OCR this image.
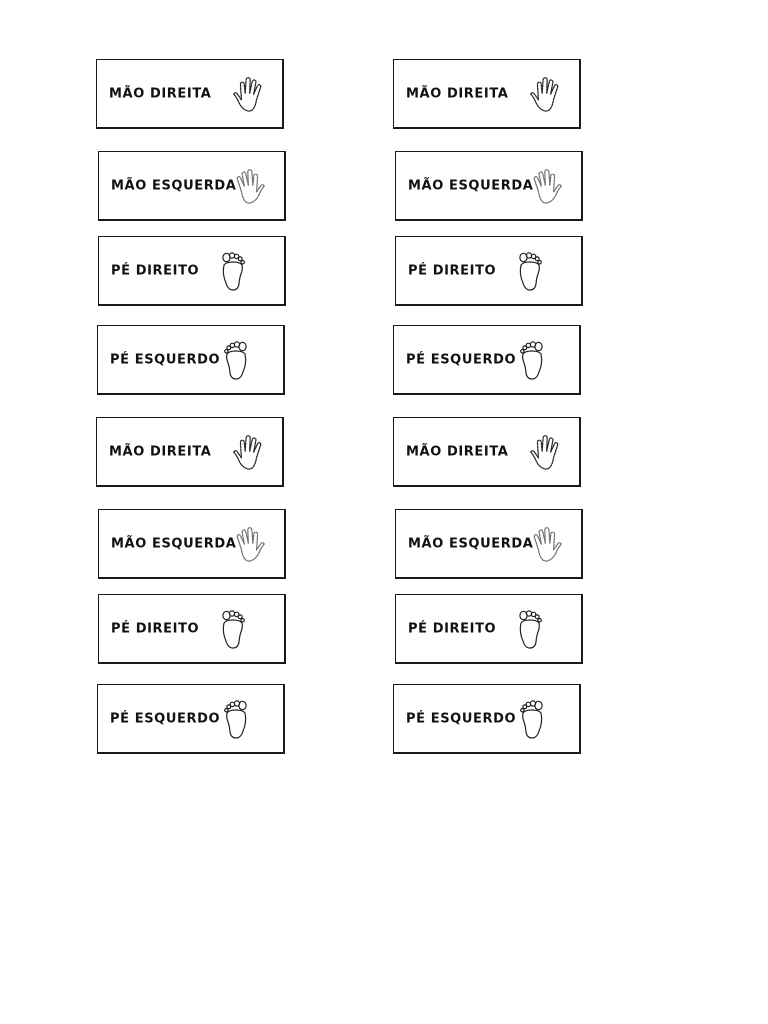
MÃO DIREITA	MÃO DIREITA
MÃO ESQUERDA	MÃO ESQUERDA
PÉ DIREITO	PÉ DIREITO
PÉ ESQUERDO	PÉ ESQUERDO
MÃO DIREITA	MÃO DIREITA
MÃO ESQUERDA	MÃO ESQUERDA
PÉ DIREITO	PÉ DIREITO
PÉ ESQUERDO	PÉ ESQUERDO
